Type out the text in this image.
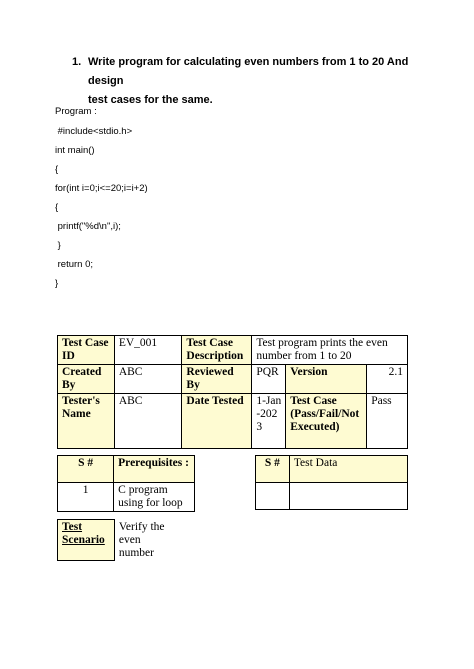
1. Write program for calculating even numbers from 1 to 20 And design
test cases for the same.
Program :
#include<stdio.h>
int main()
{
for(int i=0;i<=20;i=i+2)
{
printf("%d\n",i);
}
return 0;
}
Test Case ID	EV_001	Test Case Description	Test program prints the even number from 1 to 20		
Created By	ABC	Reviewed By	PQR	Version	2.1
Tester's Name	ABC	Date Tested	1-Jan-2023	Test Case (Pass/Fail/Not Executed)	Pass
S #	Prerequisites :
1	C program using for loop
S #	Test Data

Test Scenario	Verify the even number
